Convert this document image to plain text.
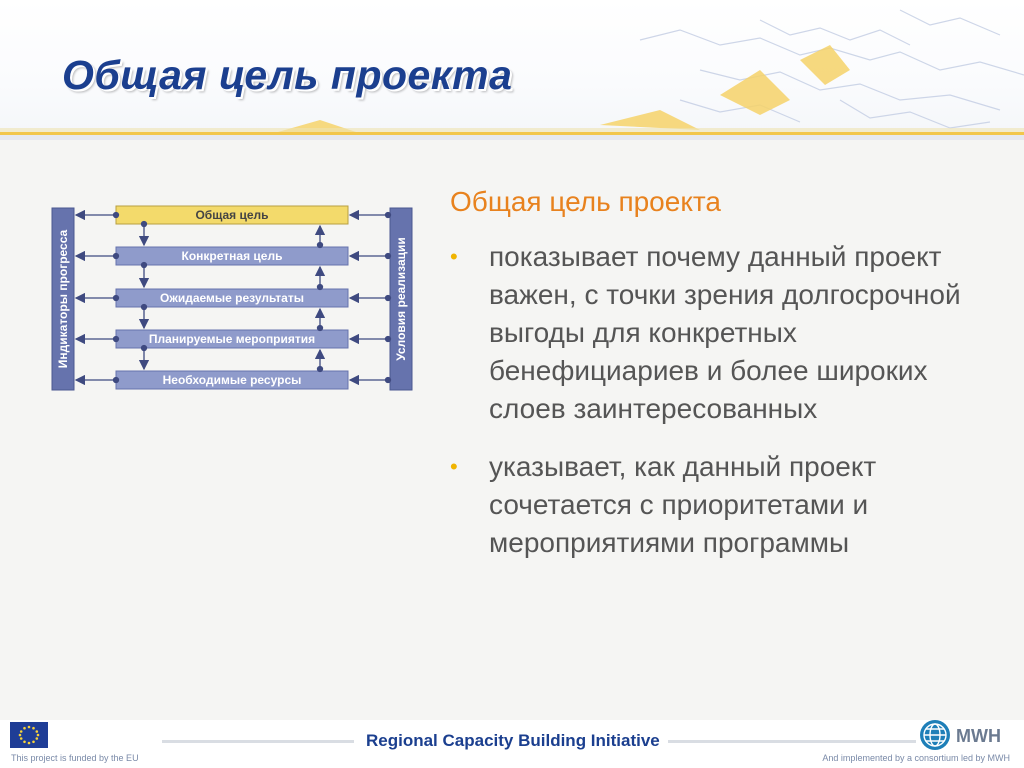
Общая цель проекта
Индикаторы прогресса	Условия реализации
Общая цель
Конкретная цель
Ожидаемые результаты
Планируемые мероприятия
Необходимые ресурсы
Общая цель проекта
• показывает почему данный проект важен, с точки зрения долгосрочной выгоды для конкретных бенефициариев и более широких слоев заинтересованных
• указывает, как данный проект сочетается с приоритетами и мероприятиями программы
This project is funded by the EU
Regional Capacity Building Initiative	MWH
And implemented by a consortium led by MWH
